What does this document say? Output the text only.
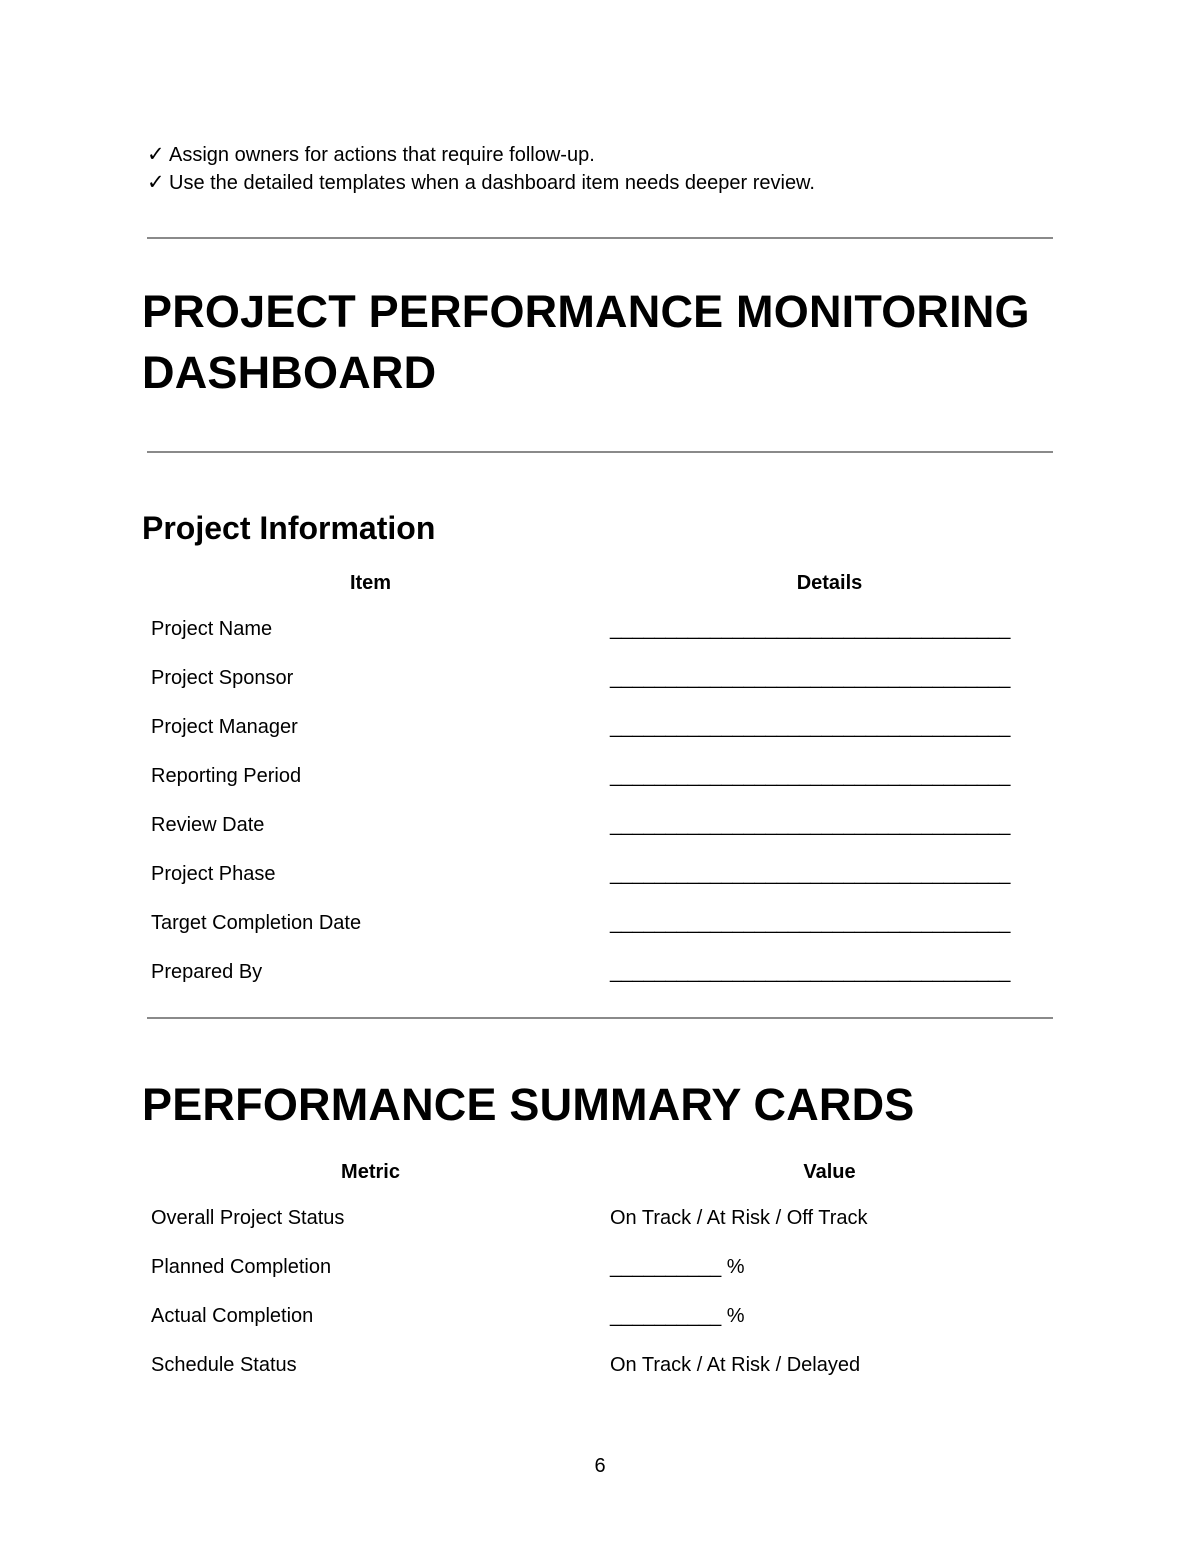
✓ Assign owners for actions that require follow-up.
✓ Use the detailed templates when a dashboard item needs deeper review.
PROJECT PERFORMANCE MONITORING
DASHBOARD
Project Information
Item	Details
Project Name	____________________________________
Project Sponsor	____________________________________
Project Manager	____________________________________
Reporting Period	____________________________________
Review Date	____________________________________
Project Phase	____________________________________
Target Completion Date	____________________________________
Prepared By	____________________________________
PERFORMANCE SUMMARY CARDS
Metric	Value
Overall Project Status	On Track / At Risk / Off Track
Planned Completion	__________ %
Actual Completion	__________ %
Schedule Status	On Track / At Risk / Delayed
6
